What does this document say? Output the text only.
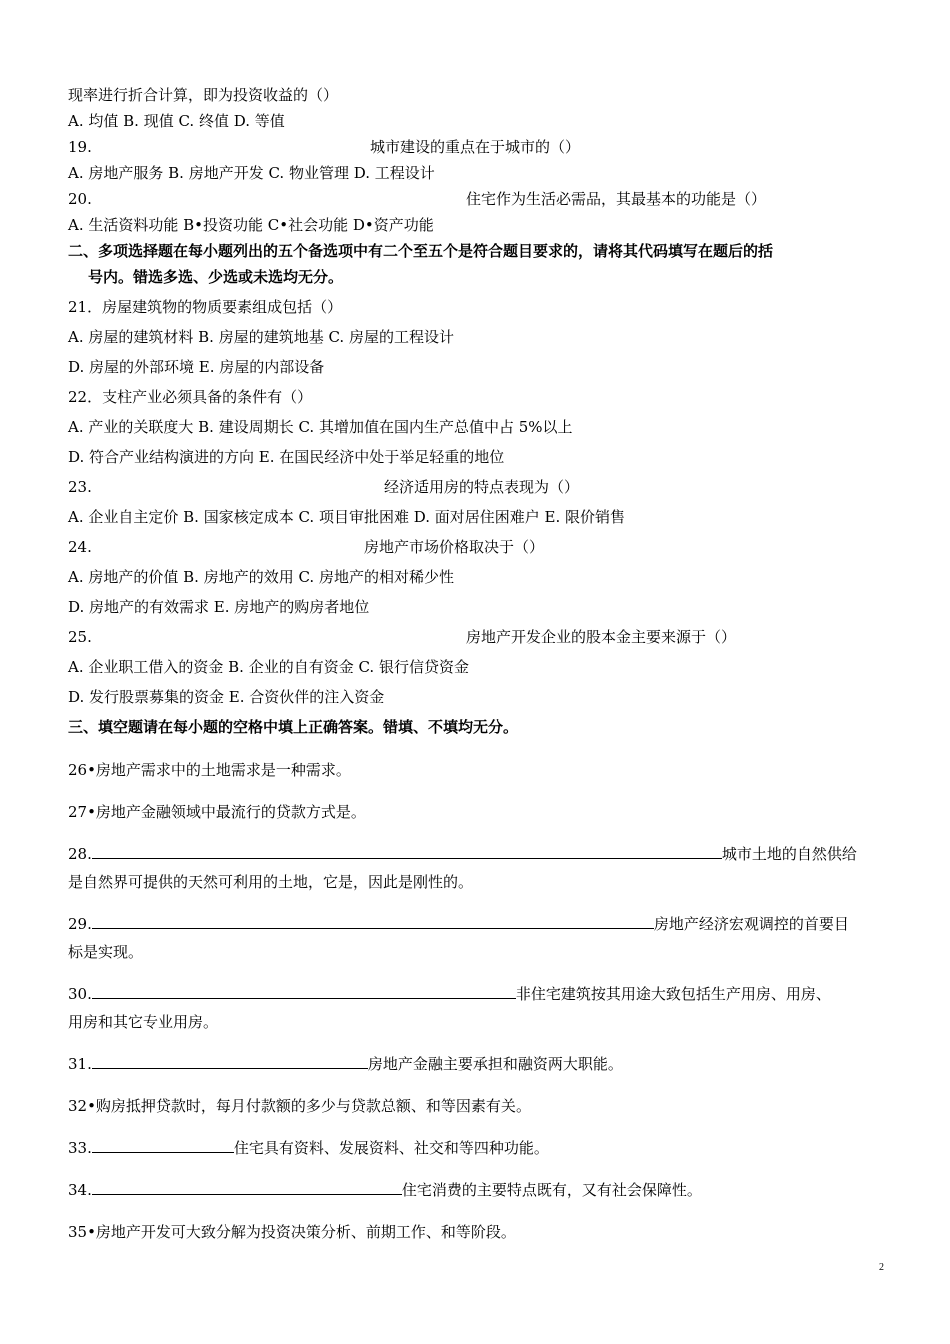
现率进行折合计算，即为投资收益的（）
A. 均值 B. 现值 C. 终值 D. 等值
19.	城市建设的重点在于城市的（）
A. 房地产服务 B. 房地产开发 C. 物业管理 D. 工程设计
20.	住宅作为生活必需品，其最基本的功能是（）
A. 生活资料功能 B•投资功能 C•社会功能 D•资产功能
二、多项选择题在每小题列出的五个备选项中有二个至五个是符合题目要求的，请将其代码填写在题后的括
号内。错选多选、少选或未选均无分。
21．房屋建筑物的物质要素组成包括（）
A. 房屋的建筑材料 B. 房屋的建筑地基 C. 房屋的工程设计
D. 房屋的外部环境 E. 房屋的内部设备
22．支柱产业必须具备的条件有（）
A. 产业的关联度大 B. 建设周期长 C. 其增加值在国内生产总值中占 5%以上
D. 符合产业结构演进的方向 E. 在国民经济中处于举足轻重的地位
23.	经济适用房的特点表现为（）
A. 企业自主定价 B. 国家核定成本 C. 项目审批困难 D. 面对居住困难户 E. 限价销售
24.	房地产市场价格取决于（）
A. 房地产的价值 B. 房地产的效用 C. 房地产的相对稀少性
D. 房地产的有效需求 E. 房地产的购房者地位
25.	房地产开发企业的股本金主要来源于（）
A. 企业职工借入的资金 B. 企业的自有资金 C. 银行信贷资金
D. 发行股票募集的资金 E. 合资伙伴的注入资金
三、填空题请在每小题的空格中填上正确答案。错填、不填均无分。
26•房地产需求中的土地需求是一种需求。
27•房地产金融领域中最流行的贷款方式是。
28.	城市土地的自然供给
是自然界可提供的天然可利用的土地，它是，因此是刚性的。
29.	房地产经济宏观调控的首要目
标是实现。
30.	非住宅建筑按其用途大致包括生产用房、用房、
用房和其它专业用房。
31.	房地产金融主要承担和融资两大职能。
32•购房抵押贷款时，每月付款额的多少与贷款总额、和等因素有关。
33.	住宅具有资料、发展资料、社交和等四种功能。
34.	住宅消费的主要特点既有，又有社会保障性。
35•房地产开发可大致分解为投资决策分析、前期工作、和等阶段。
2
